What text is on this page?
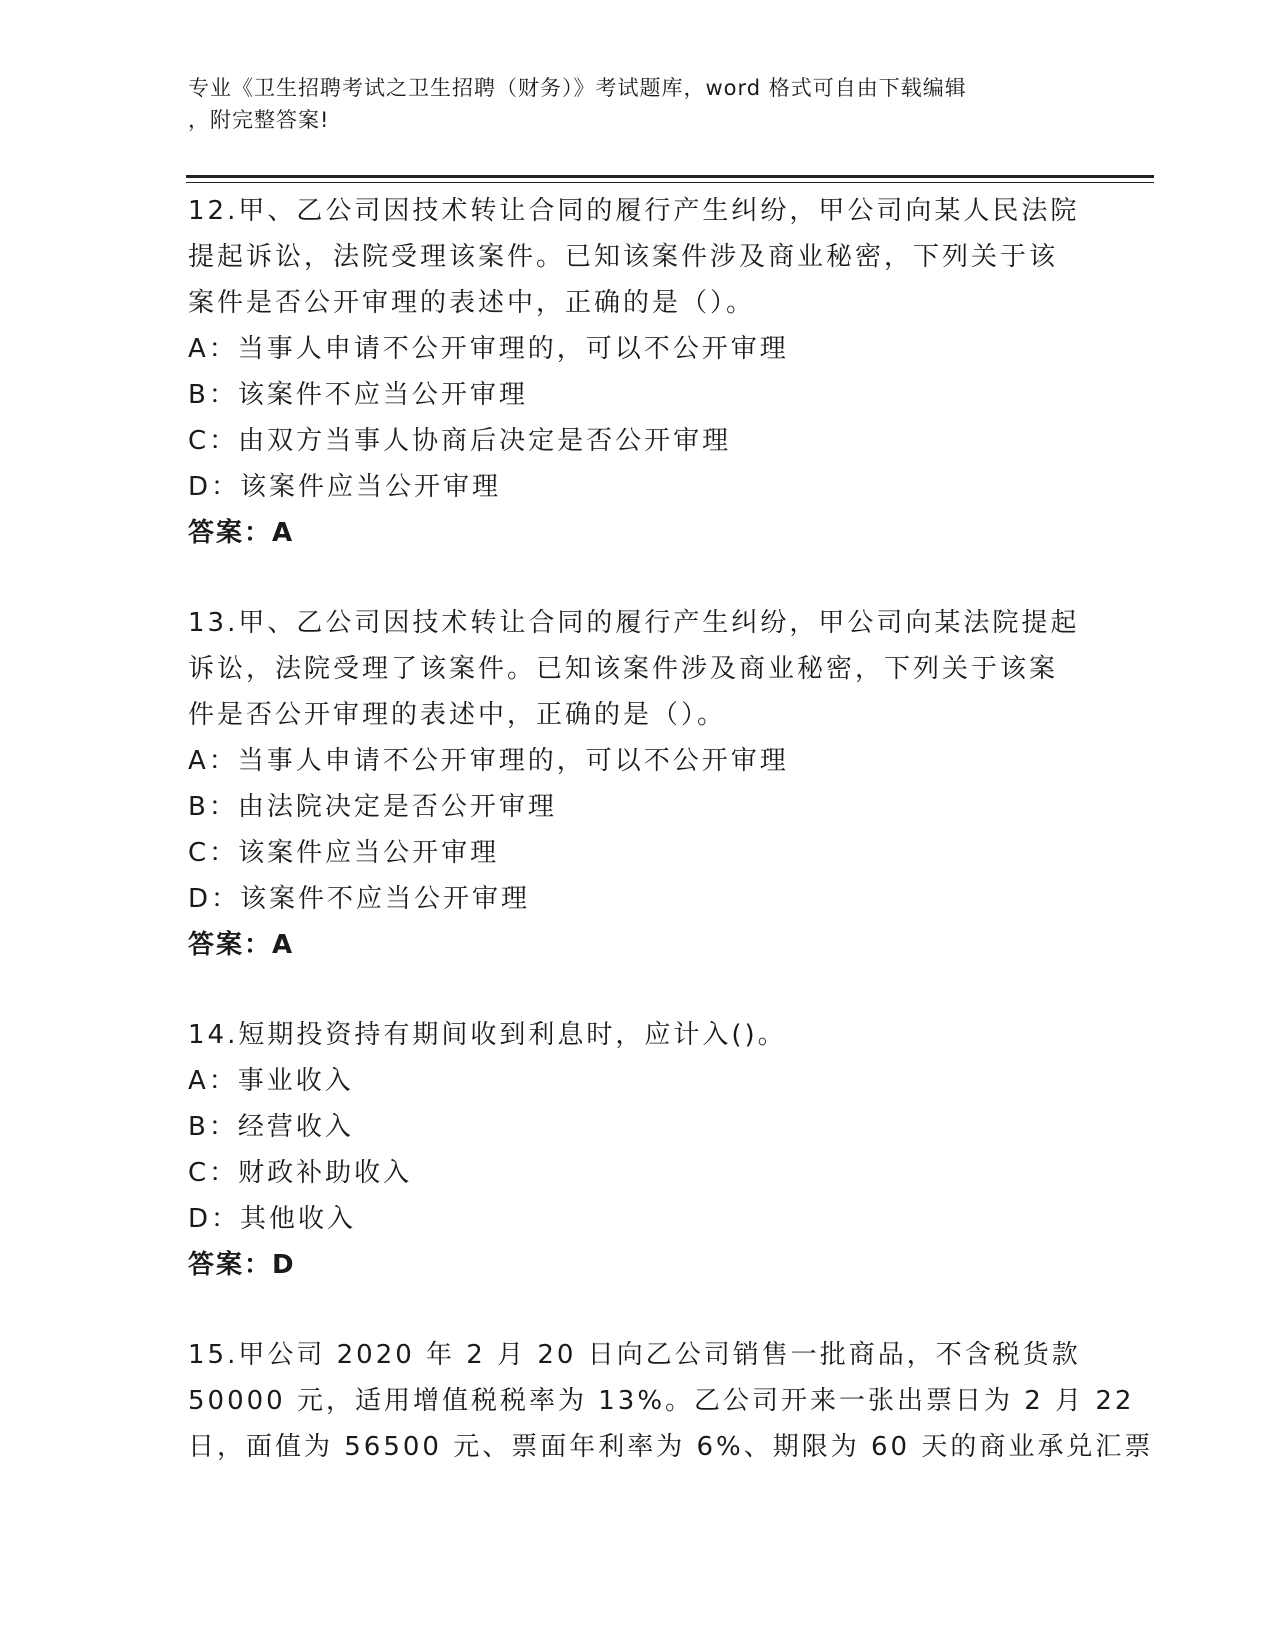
专业《卫生招聘考试之卫生招聘（财务）》考试题库，word 格式可自由下载编辑
，附完整答案!
12.甲、乙公司因技术转让合同的履行产生纠纷，甲公司向某人民法院
提起诉讼，法院受理该案件。已知该案件涉及商业秘密，下列关于该
案件是否公开审理的表述中，正确的是（）。
A：当事人申请不公开审理的，可以不公开审理
B：该案件不应当公开审理
C：由双方当事人协商后决定是否公开审理
D：该案件应当公开审理
答案：A
13.甲、乙公司因技术转让合同的履行产生纠纷，甲公司向某法院提起
诉讼，法院受理了该案件。已知该案件涉及商业秘密，下列关于该案
件是否公开审理的表述中，正确的是（）。
A：当事人申请不公开审理的，可以不公开审理
B：由法院决定是否公开审理
C：该案件应当公开审理
D：该案件不应当公开审理
答案：A
14.短期投资持有期间收到利息时，应计入()。
A：事业收入
B：经营收入
C：财政补助收入
D：其他收入
答案：D
15.甲公司 2020 年 2 月 20 日向乙公司销售一批商品，不含税货款
50000 元，适用增值税税率为 13%。乙公司开来一张出票日为 2 月 22
日，面值为 56500 元、票面年利率为 6%、期限为 60 天的商业承兑汇票
